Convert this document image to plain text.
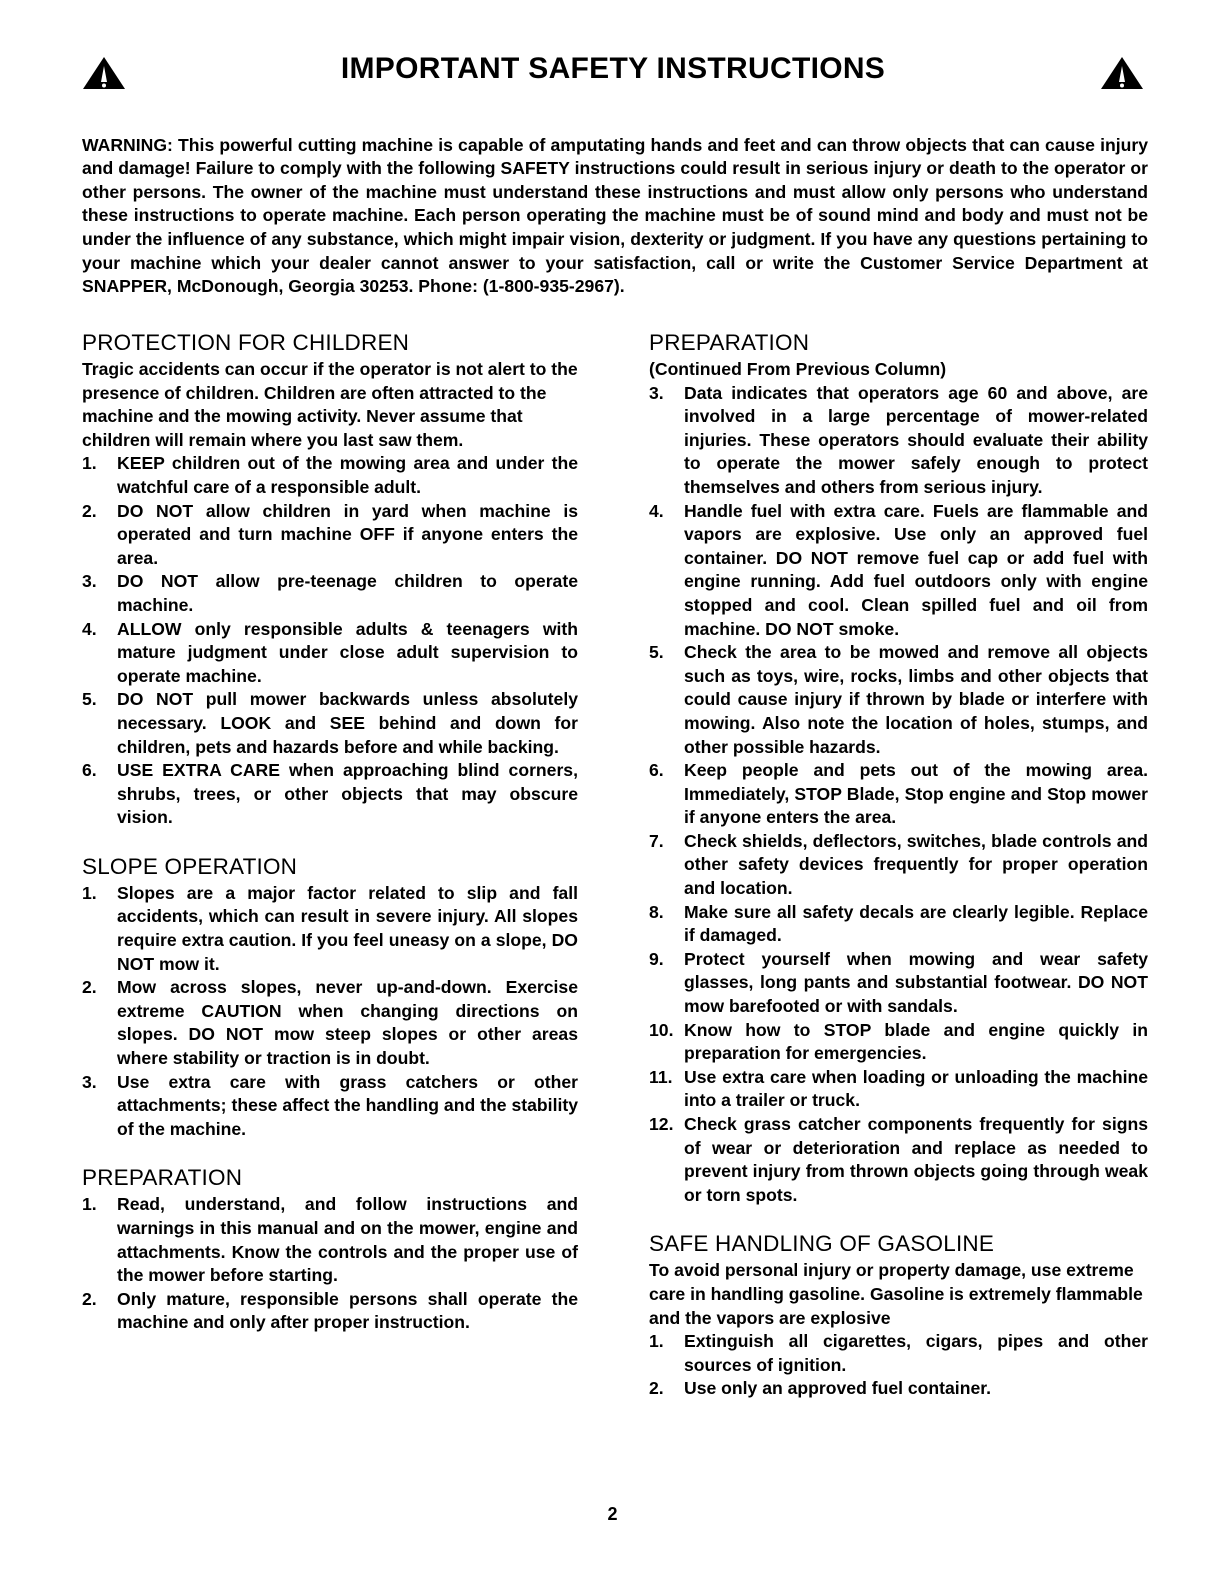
IMPORTANT SAFETY INSTRUCTIONS

WARNING: This powerful cutting machine is capable of amputating hands and feet and can throw objects that can cause injury and damage! Failure to comply with the following SAFETY instructions could result in serious injury or death to the operator or other persons. The owner of the machine must understand these instructions and must allow only persons who understand these instructions to operate machine. Each person operating the machine must be of sound mind and body and must not be under the influence of any substance, which might impair vision, dexterity or judgment. If you have any questions pertaining to your machine which your dealer cannot answer to your satisfaction, call or write the Customer Service Department at SNAPPER, McDonough, Georgia 30253. Phone: (1-800-935-2967).

PROTECTION FOR CHILDREN

Tragic accidents can occur if the operator is not alert to the presence of children. Children are often attracted to the machine and the mowing activity. Never assume that children will remain where you last saw them.

1.	KEEP children out of the mowing area and under the watchful care of a responsible adult.
2.	DO NOT allow children in yard when machine is operated and turn machine OFF if anyone enters the area.
3.	DO NOT allow pre-teenage children to operate machine.
4.	ALLOW only responsible adults & teenagers with mature judgment under close adult supervision to operate machine.
5.	DO NOT pull mower backwards unless absolutely necessary. LOOK and SEE behind and down for children, pets and hazards before and while backing.
6.	USE EXTRA CARE when approaching blind corners, shrubs, trees, or other objects that may obscure vision.
SLOPE OPERATION
1.	Slopes are a major factor related to slip and fall accidents, which can result in severe injury. All slopes require extra caution. If you feel uneasy on a slope, DO NOT mow it.
2.	Mow across slopes, never up-and-down. Exercise extreme CAUTION when changing directions on slopes. DO NOT mow steep slopes or other areas where stability or traction is in doubt.
3.	Use extra care with grass catchers or other attachments; these affect the handling and the stability of the machine.
PREPARATION
1.	Read, understand, and follow instructions and warnings in this manual and on the mower, engine and attachments. Know the controls and the proper use of the mower before starting.
2.	Only mature, responsible persons shall operate the machine and only after proper instruction.
PREPARATION

(Continued From Previous Column)

3.	Data indicates that operators age 60 and above, are involved in a large percentage of mower-related injuries. These operators should evaluate their ability to operate the mower safely enough to protect themselves and others from serious injury.
4.	Handle fuel with extra care. Fuels are flammable and vapors are explosive. Use only an approved fuel container. DO NOT remove fuel cap or add fuel with engine running. Add fuel outdoors only with engine stopped and cool. Clean spilled fuel and oil from machine. DO NOT smoke.
5.	Check the area to be mowed and remove all objects such as toys, wire, rocks, limbs and other objects that could cause injury if thrown by blade or interfere with mowing. Also note the location of holes, stumps, and other possible hazards.
6.	Keep people and pets out of the mowing area. Immediately, STOP Blade, Stop engine and Stop mower if anyone enters the area.
7.	Check shields, deflectors, switches, blade controls and other safety devices frequently for proper operation and location.
8.	Make sure all safety decals are clearly legible. Replace if damaged.
9.	Protect yourself when mowing and wear safety glasses, long pants and substantial footwear. DO NOT mow barefooted or with sandals.
10. Know how to STOP blade and engine quickly in preparation for emergencies.
11. Use extra care when loading or unloading the machine into a trailer or truck.
12. Check grass catcher components frequently for signs of wear or deterioration and replace as needed to prevent injury from thrown objects going through weak or torn spots.
SAFE HANDLING OF GASOLINE

To avoid personal injury or property damage, use extreme care in handling gasoline. Gasoline is extremely flammable and the vapors are explosive

1.	Extinguish all cigarettes, cigars, pipes and other sources of ignition.
2.	Use only an approved fuel container.
2
